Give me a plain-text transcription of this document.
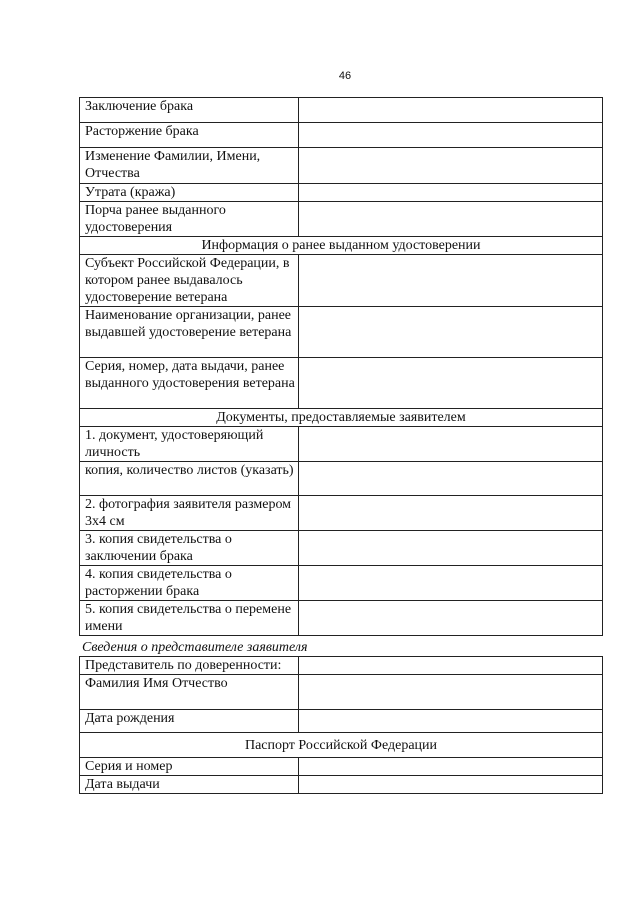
46
Заключение брака	
Расторжение брака	
Изменение Фамилии, Имени, Отчества	
Утрата (кража)	
Порча ранее выданного удостоверения	
Информация о ранее выданном удостоверении	
Субъект Российской Федерации, в котором ранее выдавалось удостоверение ветерана	
Наименование организации, ранее выдавшей удостоверение ветерана	
Серия, номер, дата выдачи, ранее выданного удостоверения ветерана	
Документы, предоставляемые заявителем	
1. документ, удостоверяющий личность	
копия, количество листов (указать)	
2. фотография заявителя размером 3x4 см	
3. копия свидетельства о заключении брака	
4. копия свидетельства о расторжении брака	
5. копия свидетельства о перемене имени	
Сведения о представителе заявителя
Представитель по доверенности:	
Фамилия Имя Отчество	
Дата рождения	
Паспорт Российской Федерации	
Серия и номер	
Дата выдачи	
